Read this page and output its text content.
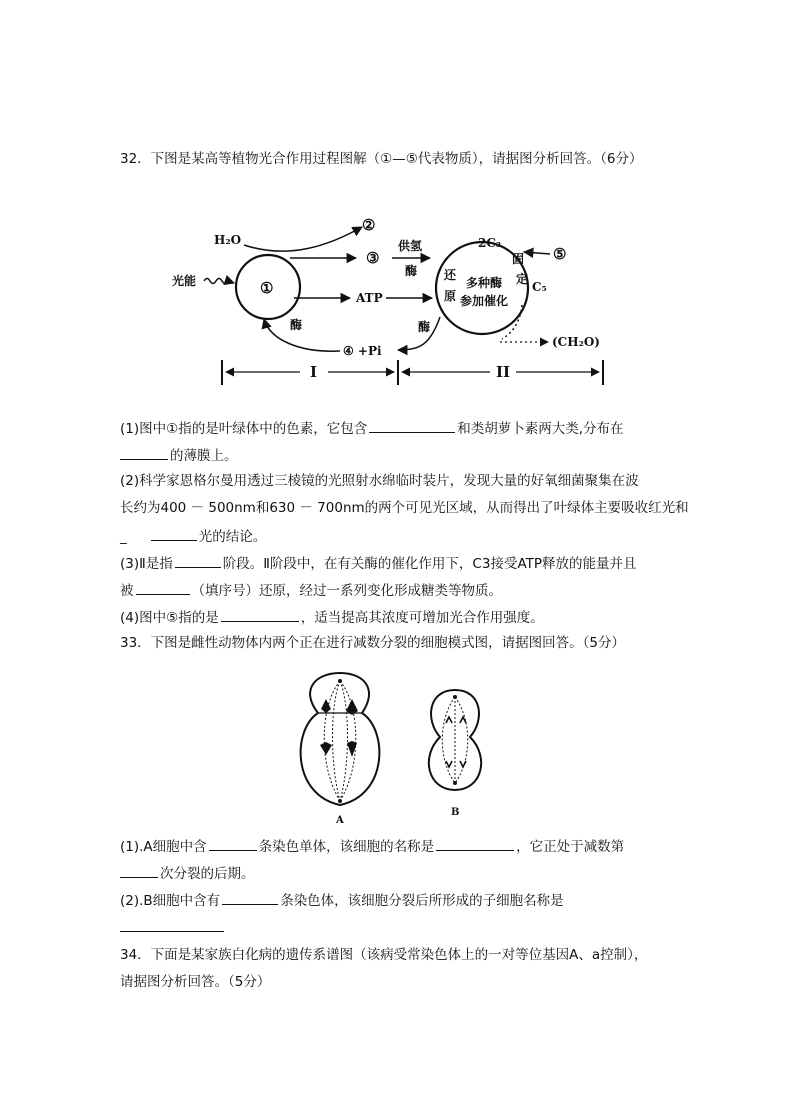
32．下图是某高等植物光合作用过程图解（①—⑤代表物质），请据图分析回答。（6分）
①
光能
H₂O
②
③
供氢
酶
ATP
2C₃
还
原
固
定
多种酶
参加催化
C₅
⑤
(CH₂O)
④ +Pi
酶	酶
I	II
(1)图中①指的是叶绿体中的色素，它包含	和类胡萝卜素两大类,分布在
的薄膜上。
(2)科学家恩格尔曼用透过三棱镜的光照射水绵临时装片，发现大量的好氧细菌聚集在波
长约为400 － 500nm和630 － 700nm的两个可见光区域，从而得出了叶绿体主要吸收红光和
_	光的结论。
(3)Ⅱ是指	阶段。Ⅱ阶段中，在有关酶的催化作用下，C3接受ATP释放的能量并且
被	（填序号）还原，经过一系列变化形成糖类等物质。
(4)图中⑤指的是	，适当提高其浓度可增加光合作用强度。
33．下图是雌性动物体内两个正在进行减数分裂的细胞模式图，请据图回答。（5分）
A
B
(1).A细胞中含	条染色单体，该细胞的名称是	，它正处于减数第
次分裂的后期。
(2).B细胞中含有	条染色体，该细胞分裂后所形成的子细胞名称是
34．下面是某家族白化病的遗传系谱图（该病受常染色体上的一对等位基因A、a控制），
请据图分析回答。（5分）
